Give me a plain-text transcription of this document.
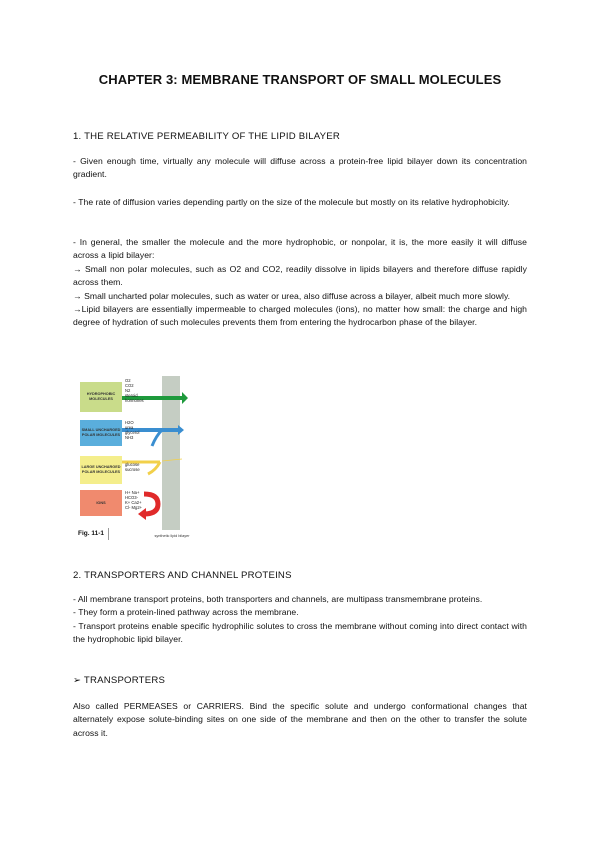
CHAPTER 3: MEMBRANE TRANSPORT OF SMALL MOLECULES
1. THE RELATIVE PERMEABILITY OF THE LIPID BILAYER

- Given enough time, virtually any molecule will diffuse across a protein-free lipid bilayer down its concentration gradient.

- The rate of diffusion varies depending partly on the size of the molecule but mostly on its relative hydrophobicity.

- In general, the smaller the molecule and the more hydrophobic, or nonpolar, it is, the more easily it will diffuse across a lipid bilayer:

→ Small non polar molecules, such as O2 and CO2, readily dissolve in lipids bilayers and therefore diffuse rapidly across them.

→ Small uncharted polar molecules, such as water or urea, also diffuse across a bilayer, albeit much more slowly.

→Lipid bilayers are essentially impermeable to charged molecules (ions), no matter how small: the charge and high degree of hydration of such molecules prevents them from entering the hydrocarbon phase of the bilayer.

HYDROPHOBIC MOLECULES
SMALL UNCHARGED POLAR MOLECULES
LARGE UNCHARGED POLAR MOLECULES
IONS
O2
CO2
N2
steroid
hormones
H2O
urea
glycerol
NH3
glucose
sucrose
H+ Na+
HCO3-
K+ Ca2+
Cl- Mg2+
Fig. 11-1	synthetic lipid bilayer
2. TRANSPORTERS AND CHANNEL PROTEINS

- All membrane transport proteins, both transporters and channels, are multipass transmembrane proteins.

- They form a protein-lined pathway across the membrane.

- Transport proteins enable specific hydrophilic solutes to cross the membrane without coming into direct contact with the hydrophobic lipid bilayer.

➢ TRANSPORTERS

Also called PERMEASES or CARRIERS. Bind the specific solute and undergo conformational changes that alternately expose solute-binding sites on one side of the membrane and then on the other to transfer the solute across it.
